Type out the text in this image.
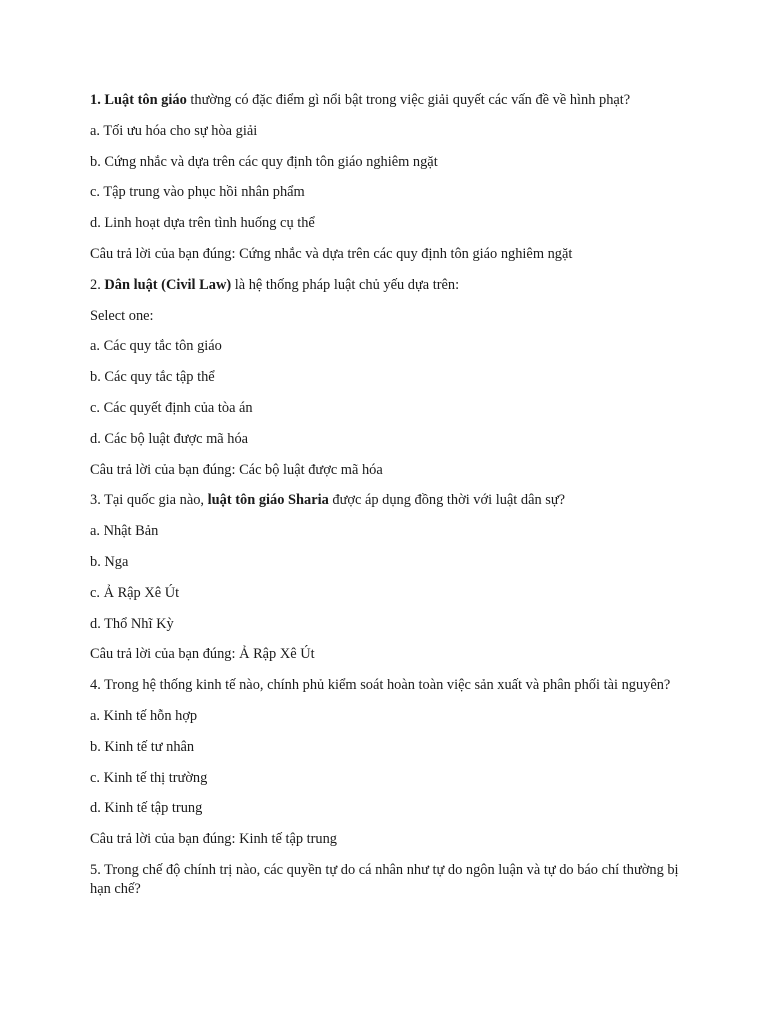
1. Luật tôn giáo thường có đặc điểm gì nổi bật trong việc giải quyết các vấn đề về hình phạt?

a. Tối ưu hóa cho sự hòa giải

b. Cứng nhắc và dựa trên các quy định tôn giáo nghiêm ngặt

c. Tập trung vào phục hồi nhân phẩm

d. Linh hoạt dựa trên tình huống cụ thể

Câu trả lời của bạn đúng: Cứng nhắc và dựa trên các quy định tôn giáo nghiêm ngặt

2. Dân luật (Civil Law) là hệ thống pháp luật chủ yếu dựa trên:

Select one:

a. Các quy tắc tôn giáo

b. Các quy tắc tập thể

c. Các quyết định của tòa án

d. Các bộ luật được mã hóa

Câu trả lời của bạn đúng: Các bộ luật được mã hóa

3. Tại quốc gia nào, luật tôn giáo Sharia được áp dụng đồng thời với luật dân sự?

a. Nhật Bản

b. Nga

c. Ả Rập Xê Út

d. Thổ Nhĩ Kỳ

Câu trả lời của bạn đúng: Ả Rập Xê Út

4. Trong hệ thống kinh tế nào, chính phủ kiểm soát hoàn toàn việc sản xuất và phân phối tài nguyên?

a. Kinh tế hỗn hợp

b. Kinh tế tư nhân

c. Kinh tế thị trường

d. Kinh tế tập trung

Câu trả lời của bạn đúng: Kinh tế tập trung

5. Trong chế độ chính trị nào, các quyền tự do cá nhân như tự do ngôn luận và tự do báo chí thường bị hạn chế?
